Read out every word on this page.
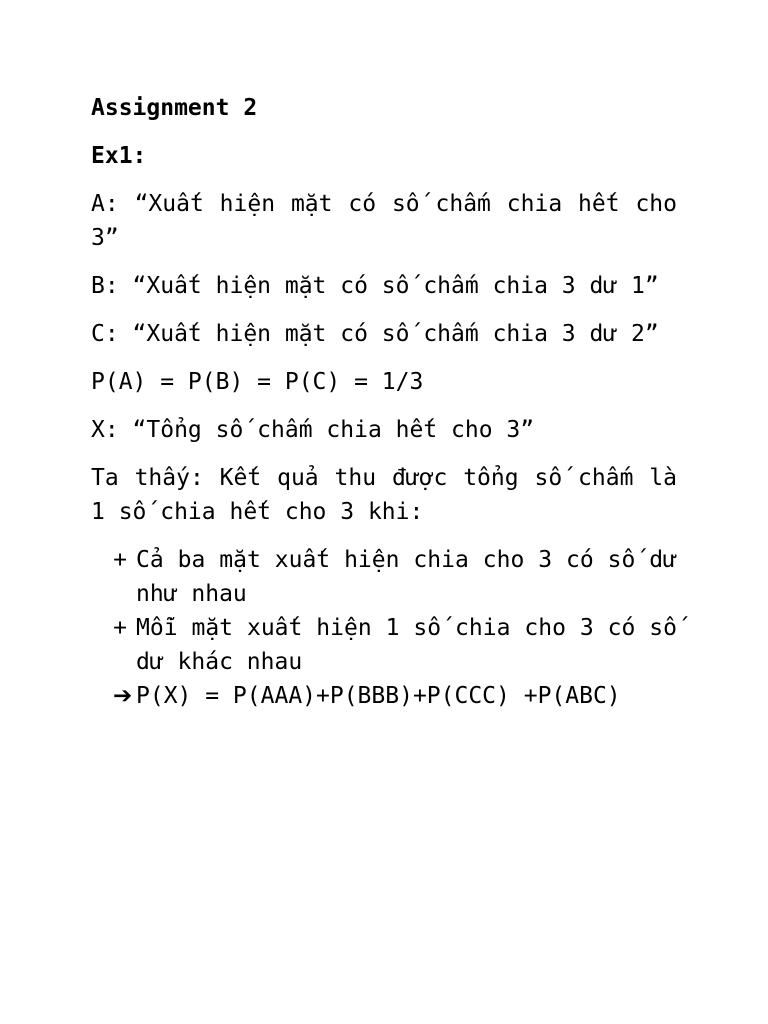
Assignment 2
Ex1:

A: “Xuất hiện mặt có số chấm chia hết cho 3”

B: “Xuất hiện mặt có số chấm chia 3 dư 1”

C: “Xuất hiện mặt có số chấm chia 3 dư 2”

P(A) = P(B) = P(C) = 1/3

X: “Tổng số chấm chia hết cho 3”

Ta thấy: Kết quả thu được tổng số chấm là 1 số chia hết cho 3 khi:

+ Cả ba mặt xuất hiện chia cho 3 có số dư như nhau
+ Mỗi mặt xuất hiện 1 số chia cho 3 có số dư khác nhau
➔ P(X) = P(AAA)+P(BBB)+P(CCC) +P(ABC)
